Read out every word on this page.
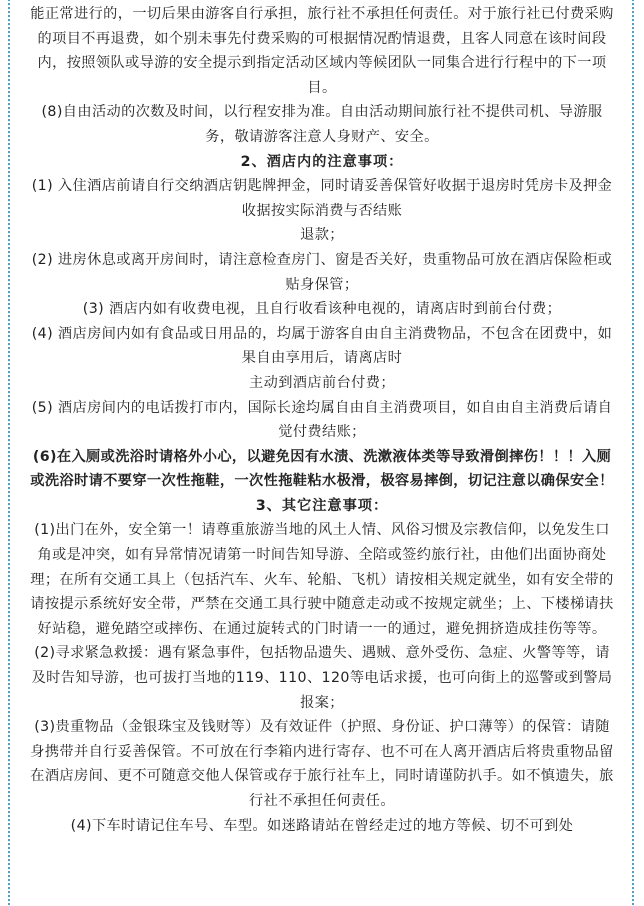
能正常进行的，一切后果由游客自行承担，旅行社不承担任何责任。对于旅行社已付费采购的项目不再退费，如个别未事先付费采购的可根据情况酌情退费，且客人同意在该时间段内，按照领队或导游的安全提示到指定活动区域内等候团队一同集合进行行程中的下一项目。

(8)自由活动的次数及时间，以行程安排为准。自由活动期间旅行社不提供司机、导游服务，敬请游客注意人身财产、安全。

2、酒店内的注意事项：

(1) 入住酒店前请自行交纳酒店钥匙牌押金，同时请妥善保管好收据于退房时凭房卡及押金收据按实际消费与否结账

退款；

(2) 进房休息或离开房间时，请注意检查房门、窗是否关好，贵重物品可放在酒店保险柜或贴身保管；

(3) 酒店内如有收费电视，且自行收看该种电视的，请离店时到前台付费；

(4) 酒店房间内如有食品或日用品的，均属于游客自由自主消费物品，不包含在团费中，如果自由享用后，请离店时

主动到酒店前台付费；

(5) 酒店房间内的电话拨打市内，国际长途均属自由自主消费项目，如自由自主消费后请自觉付费结账；

(6)在入厕或洗浴时请格外小心，以避免因有水渍、洗漱液体类等导致滑倒摔伤！！！入厕或洗浴时请不要穿一次性拖鞋，一次性拖鞋粘水极滑，极容易摔倒，切记注意以确保安全！

3、其它注意事项：

(1)出门在外，安全第一！请尊重旅游当地的风土人情、风俗习惯及宗教信仰，以免发生口角或是冲突，如有异常情况请第一时间告知导游、全陪或签约旅行社，由他们出面协商处理；在所有交通工具上（包括汽车、火车、轮船、飞机）请按相关规定就坐，如有安全带的请按提示系统好安全带，严禁在交通工具行驶中随意走动或不按规定就坐；上、下楼梯请扶好站稳，避免踏空或摔伤、在通过旋转式的门时请一一的通过，避免拥挤造成挂伤等等。

(2)寻求紧急救援：遇有紧急事件，包括物品遗失、遇贼、意外受伤、急症、火警等等，请及时告知导游，也可拔打当地的119、110、120等电话求援，也可向街上的巡警或到警局报案；

(3)贵重物品（金银珠宝及钱财等）及有效证件（护照、身份证、护口薄等）的保管：请随身携带并自行妥善保管。不可放在行李箱内进行寄存、也不可在人离开酒店后将贵重物品留在酒店房间、更不可随意交他人保管或存于旅行社车上，同时请谨防扒手。如不慎遗失，旅行社不承担任何责任。

(4)下车时请记住车号、车型。如迷路请站在曾经走过的地方等候、切不可到处
